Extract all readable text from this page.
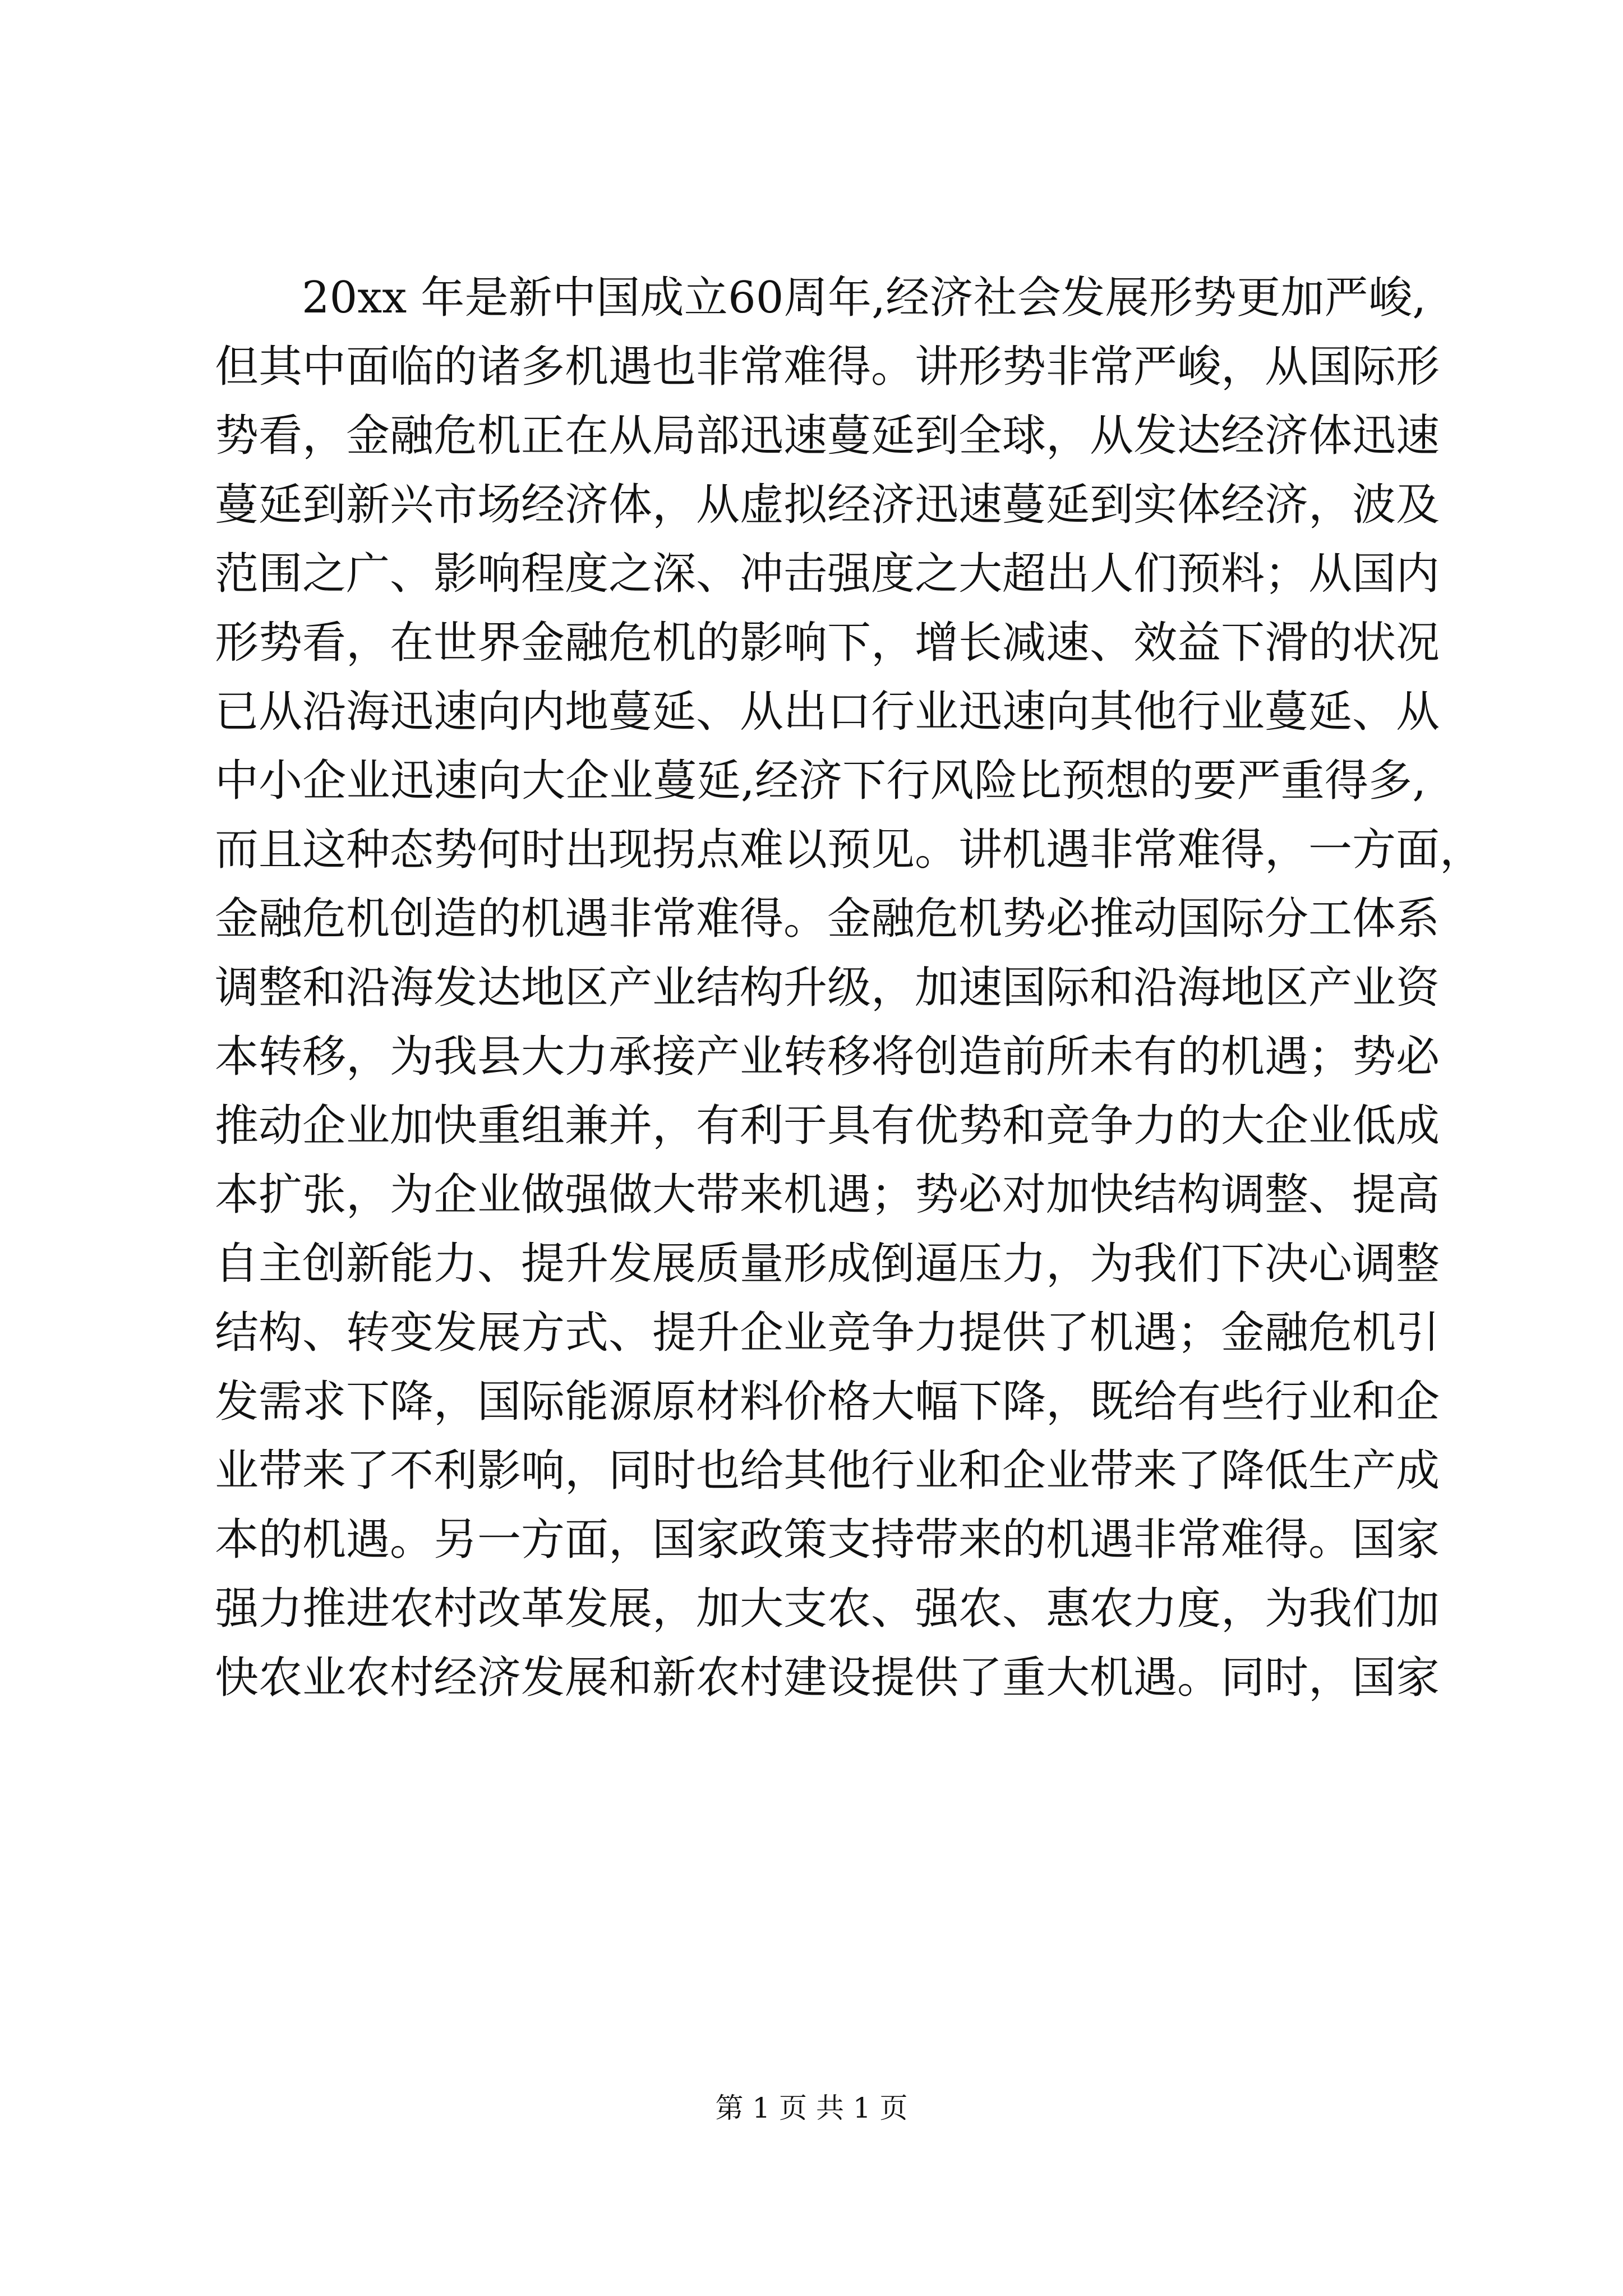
20xx 年是新中国成立60周年,经济社会发展形势更加严峻,
但其中面临的诸多机遇也非常难得。讲形势非常严峻，从国际形
势看，金融危机正在从局部迅速蔓延到全球，从发达经济体迅速
蔓延到新兴市场经济体，从虚拟经济迅速蔓延到实体经济，波及
范围之广、影响程度之深、冲击强度之大超出人们预料；从国内
形势看，在世界金融危机的影响下，增长减速、效益下滑的状况
已从沿海迅速向内地蔓延、从出口行业迅速向其他行业蔓延、从
中小企业迅速向大企业蔓延,经济下行风险比预想的要严重得多,
而且这种态势何时出现拐点难以预见。讲机遇非常难得，一方面，
金融危机创造的机遇非常难得。金融危机势必推动国际分工体系
调整和沿海发达地区产业结构升级，加速国际和沿海地区产业资
本转移，为我县大力承接产业转移将创造前所未有的机遇；势必
推动企业加快重组兼并，有利于具有优势和竞争力的大企业低成
本扩张，为企业做强做大带来机遇；势必对加快结构调整、提高
自主创新能力、提升发展质量形成倒逼压力，为我们下决心调整
结构、转变发展方式、提升企业竞争力提供了机遇；金融危机引
发需求下降，国际能源原材料价格大幅下降，既给有些行业和企
业带来了不利影响，同时也给其他行业和企业带来了降低生产成
本的机遇。另一方面，国家政策支持带来的机遇非常难得。国家
强力推进农村改革发展，加大支农、强农、惠农力度，为我们加
快农业农村经济发展和新农村建设提供了重大机遇。同时，国家
第 1 页 共 1 页
